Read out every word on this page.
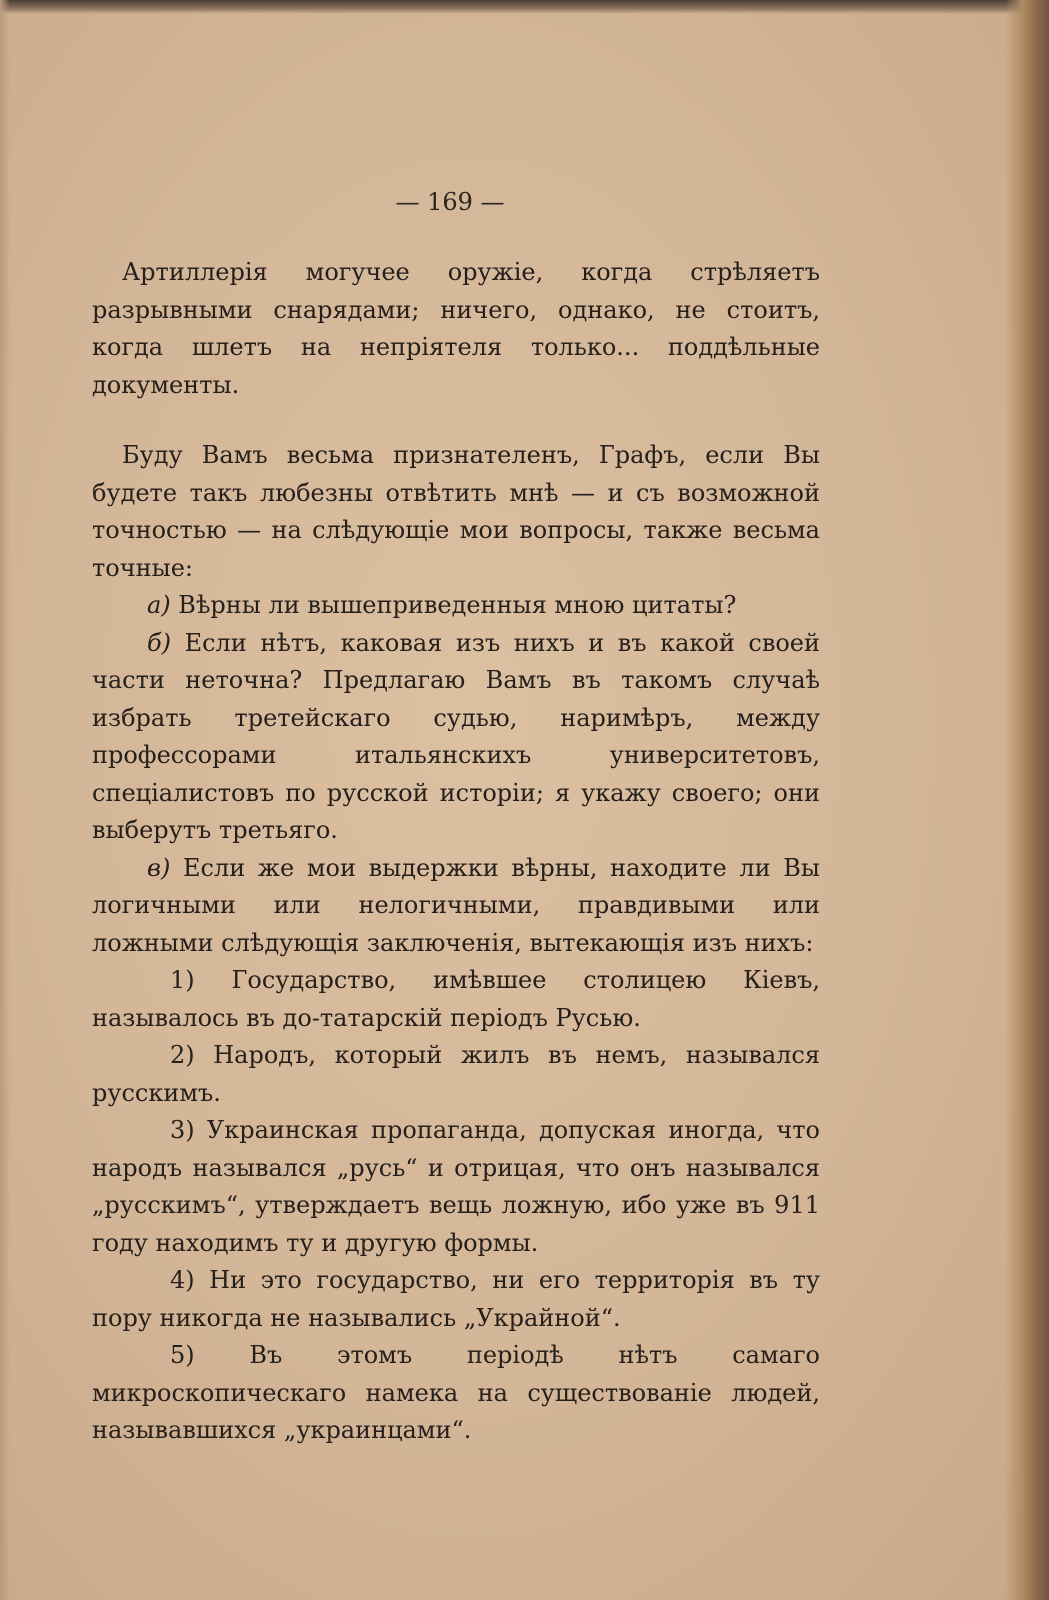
— 169 —

Артиллерія могучее оружіе, когда стрѣляетъ разрывными снарядами; ничего, однако, не стоитъ, когда шлетъ на непріятеля только... поддѣльные документы.

Буду Вамъ весьма признателенъ, Графъ, если Вы будете такъ любезны отвѣтить мнѣ — и съ возможной точностью — на слѣдующіе мои вопросы, также весьма точные:

а) Вѣрны ли вышеприведенныя мною цитаты?

б) Если нѣтъ, каковая изъ нихъ и въ какой своей части неточна? Предлагаю Вамъ въ такомъ случаѣ избрать третейскаго судью, наримѣръ, между профессорами итальянскихъ университетовъ, спеціалистовъ по русской исторіи; я укажу своего; они выберутъ третьяго.

в) Если же мои выдержки вѣрны, находите ли Вы логичными или нелогичными, правдивыми или ложными слѣдующія заключенія, вытекающія изъ нихъ:

1) Государство, имѣвшее столицею Кіевъ, называлось въ до-татарскій періодъ Русью.

2) Народъ, который жилъ въ немъ, назывался русскимъ.

3) Украинская пропаганда, допуская иногда, что народъ назывался „русь“ и отрицая, что онъ назывался „русскимъ“, утверждаетъ вещь ложную, ибо уже въ 911 году находимъ ту и другую формы.

4) Ни это государство, ни его территорія въ ту пору никогда не назывались „Украйной“.

5) Въ этомъ періодѣ нѣтъ самаго микроскопическаго намека на существованіе людей, называвшихся „украинцами“.
